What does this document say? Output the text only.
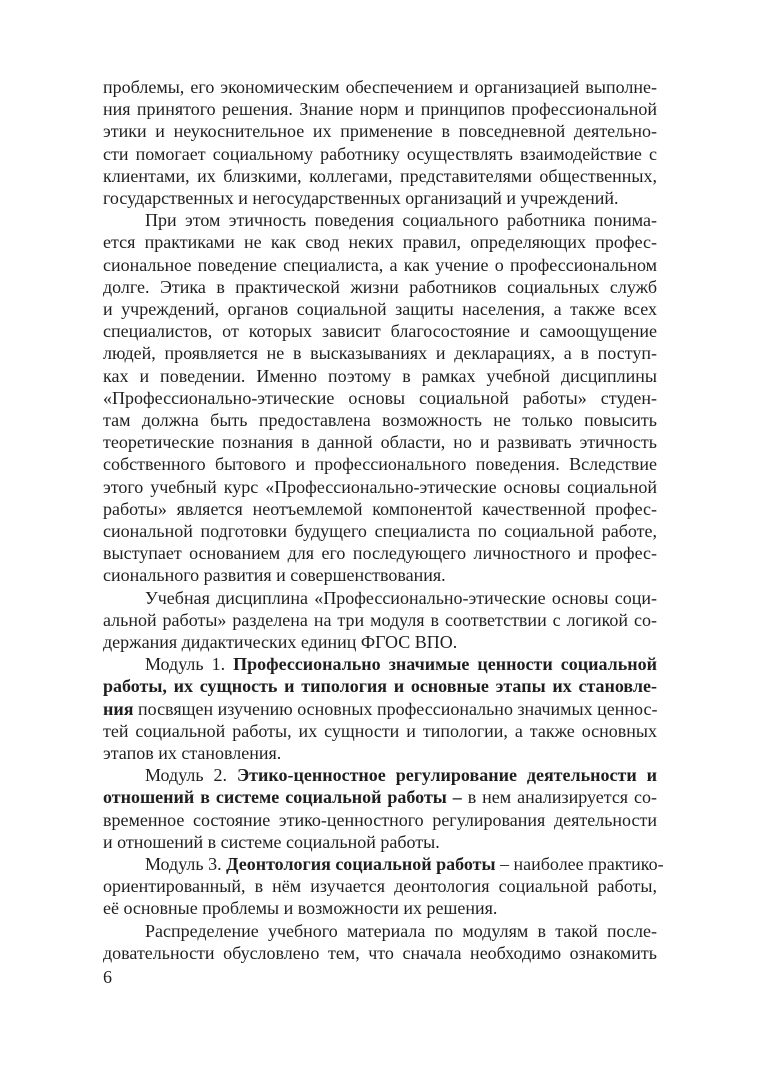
проблемы, его экономическим обеспечением и организацией выполне-
ния принятого решения. Знание норм и принципов профессиональной
этики и неукоснительное их применение в повседневной деятельно-
сти помогает социальному работнику осуществлять взаимодействие с
клиентами, их близкими, коллегами, представителями общественных,
государственных и негосударственных организаций и учреждений.
При этом этичность поведения социального работника понима-
ется практиками не как свод неких правил, определяющих профес-
сиональное поведение специалиста, а как учение о профессиональном
долге. Этика в практической жизни работников социальных служб
и учреждений, органов социальной защиты населения, а также всех
специалистов, от которых зависит благосостояние и самоощущение
людей, проявляется не в высказываниях и декларациях, а в поступ-
ках и поведении. Именно поэтому в рамках учебной дисциплины
«Профессионально-этические основы социальной работы» студен-
там должна быть предоставлена возможность не только повысить
теоретические познания в данной области, но и развивать этичность
собственного бытового и профессионального поведения. Вследствие
этого учебный курс «Профессионально-этические основы социальной
работы» является неотъемлемой компонентой качественной профес-
сиональной подготовки будущего специалиста по социальной работе,
выступает основанием для его последующего личностного и профес-
сионального развития и совершенствования.
Учебная дисциплина «Профессионально-этические основы соци-
альной работы» разделена на три модуля в соответствии с логикой со-
держания дидактических единиц ФГОС ВПО.
Модуль 1. Профессионально значимые ценности социальной
работы, их сущность и типология и основные этапы их становле-
ния посвящен изучению основных профессионально значимых ценнос-
тей социальной работы, их сущности и типологии, а также основных
этапов их становления.
Модуль 2. Этико-ценностное регулирование деятельности и
отношений в системе социальной работы – в нем анализируется со-
временное состояние этико-ценностного регулирования деятельности
и отношений в системе социальной работы.
Модуль 3. Деонтология социальной работы – наиболее практико-
ориентированный, в нём изучается деонтология социальной работы,
её основные проблемы и возможности их решения.
Распределение учебного материала по модулям в такой после-
довательности обусловлено тем, что сначала необходимо ознакомить
6
